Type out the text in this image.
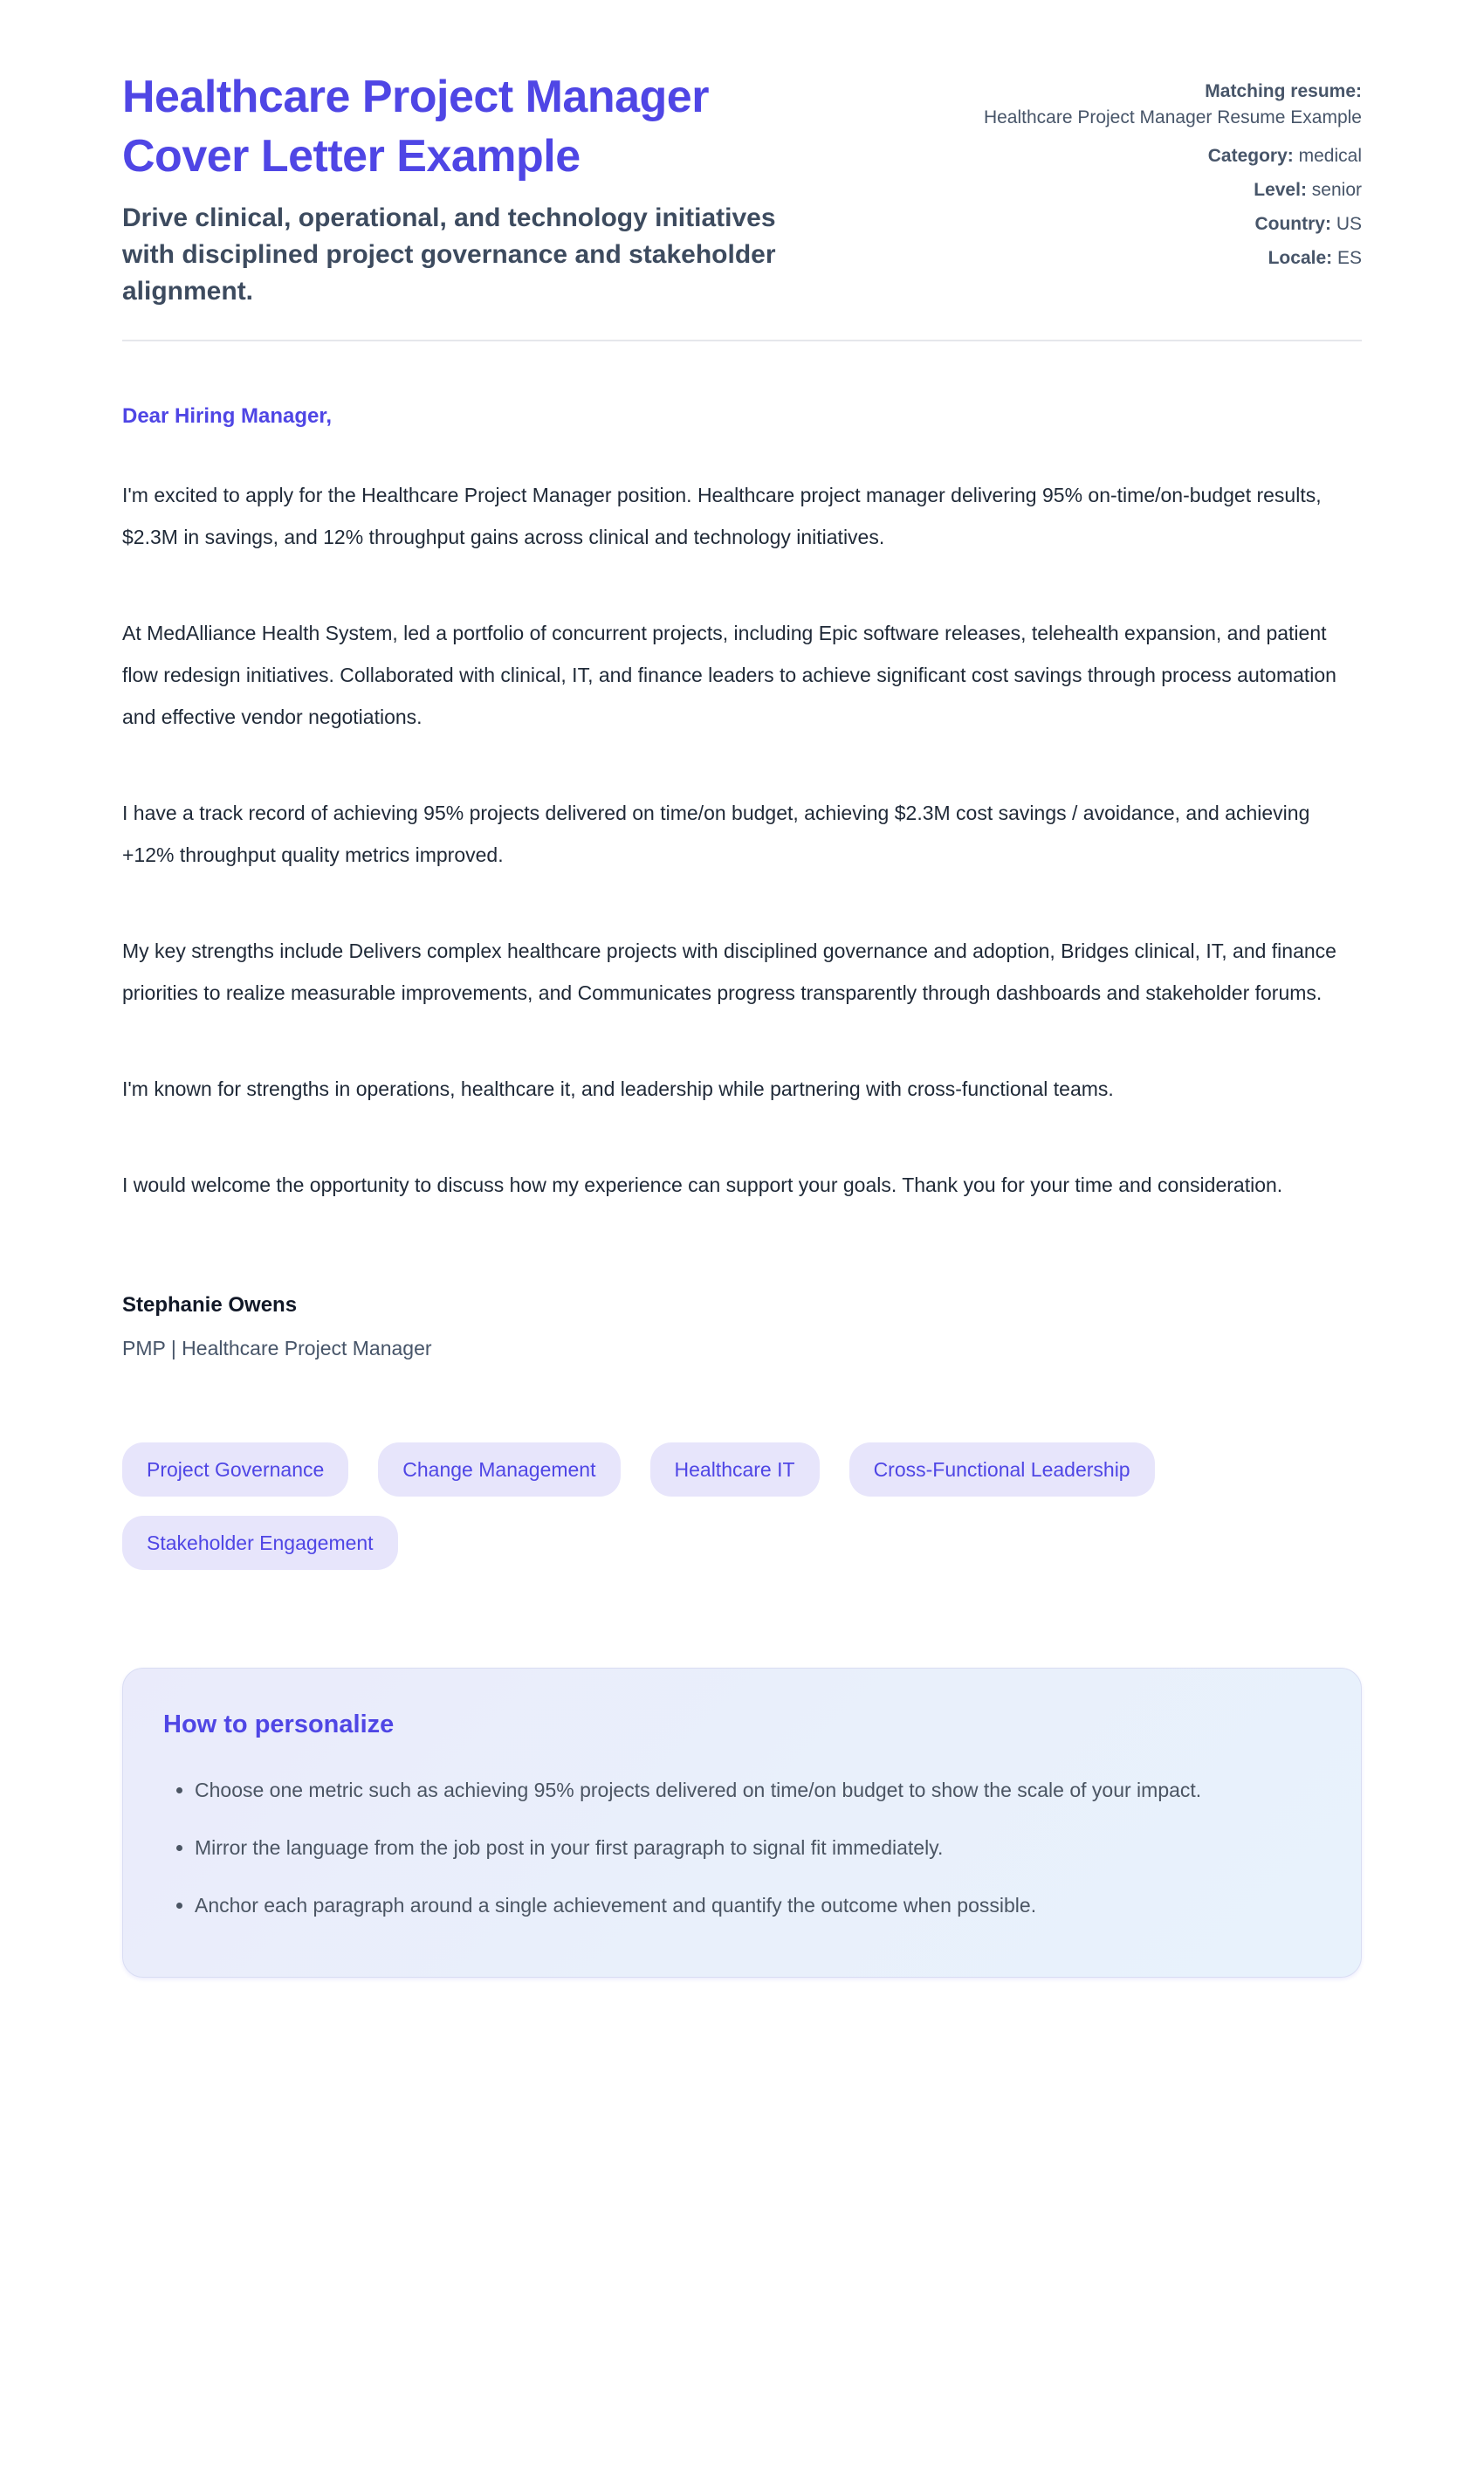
Healthcare Project Manager Cover Letter Example

Drive clinical, operational, and technology initiatives with disciplined project governance and stakeholder alignment.

Matching resume:
Healthcare Project Manager Resume Example
Category: medical
Level: senior
Country: US
Locale: ES

Dear Hiring Manager,

I'm excited to apply for the Healthcare Project Manager position. Healthcare project manager delivering 95% on-time/on-budget results, $2.3M in savings, and 12% throughput gains across clinical and technology initiatives.

At MedAlliance Health System, led a portfolio of concurrent projects, including Epic software releases, telehealth expansion, and patient flow redesign initiatives. Collaborated with clinical, IT, and finance leaders to achieve significant cost savings through process automation and effective vendor negotiations.

I have a track record of achieving 95% projects delivered on time/on budget, achieving $2.3M cost savings / avoidance, and achieving +12% throughput quality metrics improved.

My key strengths include Delivers complex healthcare projects with disciplined governance and adoption, Bridges clinical, IT, and finance priorities to realize measurable improvements, and Communicates progress transparently through dashboards and stakeholder forums.

I'm known for strengths in operations, healthcare it, and leadership while partnering with cross-functional teams.

I would welcome the opportunity to discuss how my experience can support your goals. Thank you for your time and consideration.

Stephanie Owens

PMP | Healthcare Project Manager

Project Governance	Change Management	Healthcare IT	Cross-Functional Leadership
Stakeholder Engagement
How to personalize
• Choose one metric such as achieving 95% projects delivered on time/on budget to show the scale of your impact.
• Mirror the language from the job post in your first paragraph to signal fit immediately.
• Anchor each paragraph around a single achievement and quantify the outcome when possible.
